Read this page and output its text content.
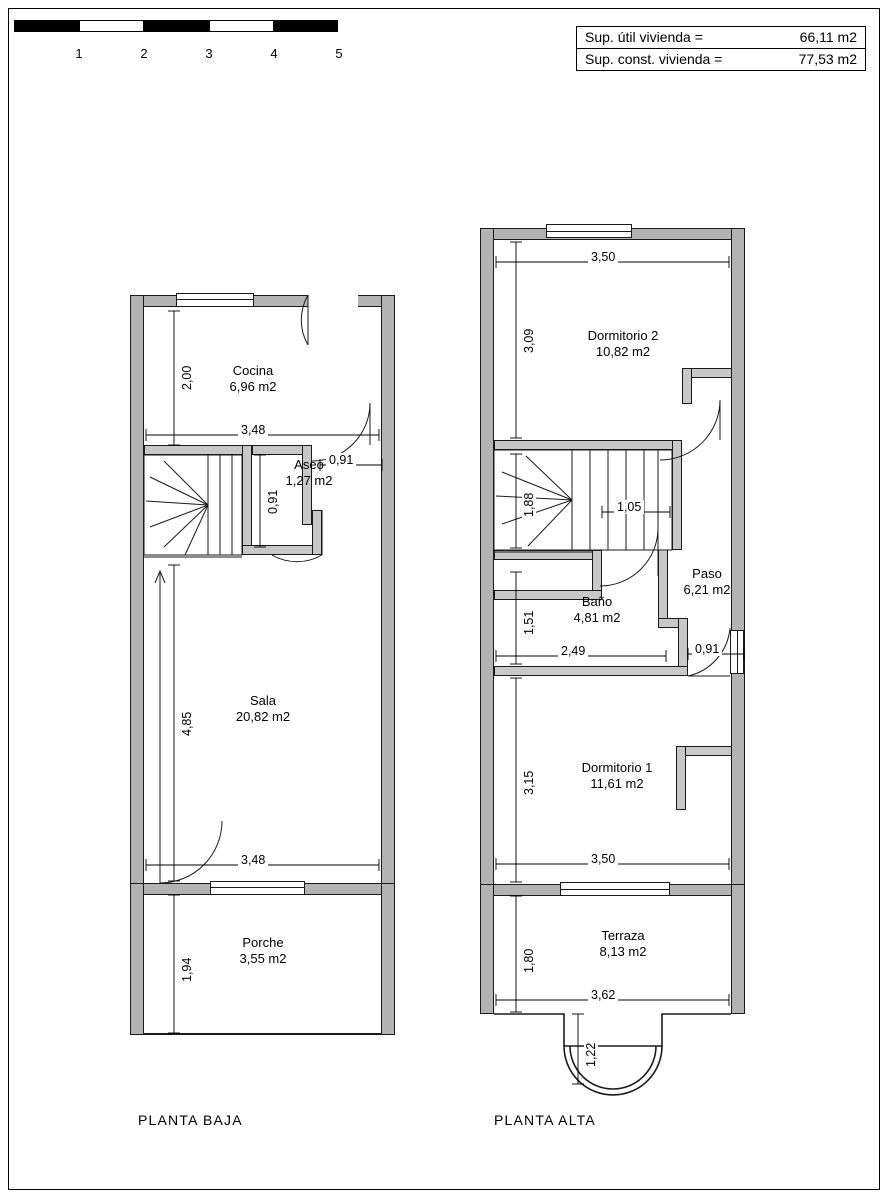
1	2	3	4	5
Sup. útil vivienda =	66,11 m2
Sup. const. vivienda =	77,53 m2
Cocina
6,96 m2
Aseo
1,27 m2
Sala
20,82 m2
Porche
3,55 m2
2,00
3,48
0,91
0,91
4,85
3,48
1,94
PLANTA BAJA
Dormitorio 2
10,82 m2
Paso
6,21 m2
Baño
4,81 m2
Dormitorio 1
11,61 m2
Terraza
8,13 m2
3,50
3,09
1,88	1,05
1,51
2,49	0,91
3,15
3,50
1,80
3,62
1,22
PLANTA ALTA
